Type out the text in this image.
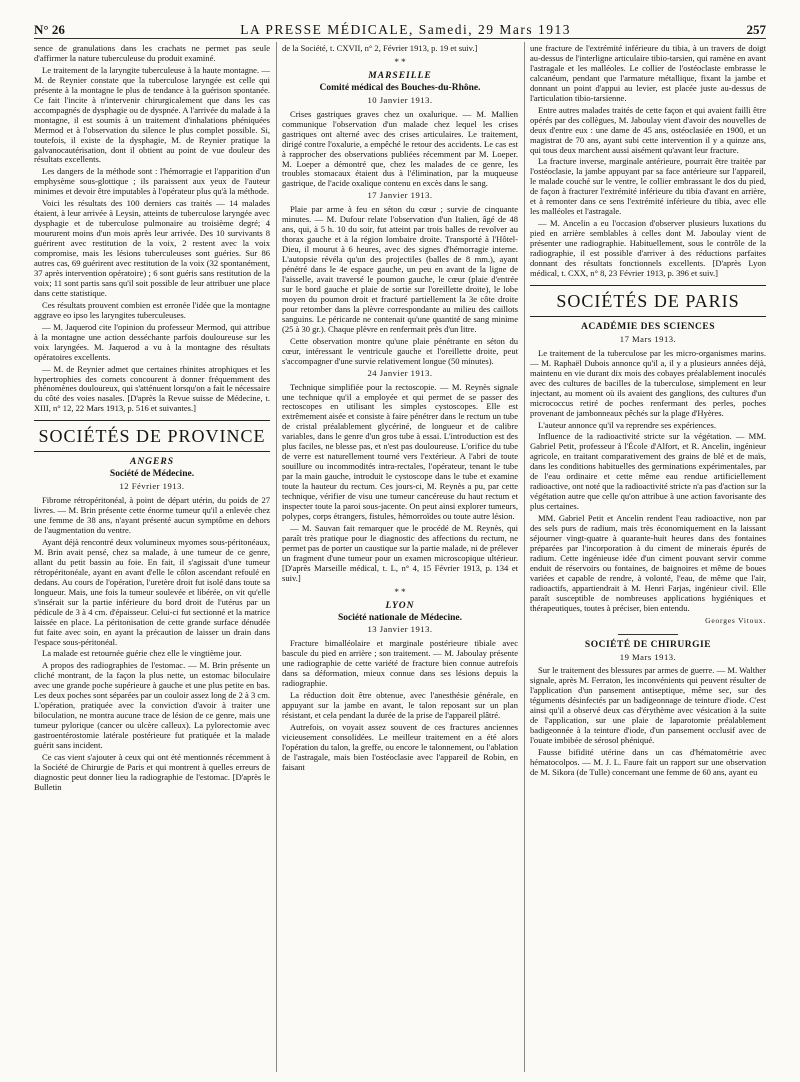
N° 26	LA PRESSE MÉDICALE, Samedi, 29 Mars 1913	257

sence de granulations dans les crachats ne permet pas seule d'affirmer la nature tuberculeuse du produit examiné.

Le traitement de la laryngite tuberculeuse à la haute montagne. — M. de Reynier constate que la tuberculose laryngée est celle qui présente à la montagne le plus de tendance à la guérison spontanée. Ce fait l'incite à n'intervenir chirurgicalement que dans les cas accompagnés de dysphagie ou de dyspnée. A l'arrivée du malade à la montagne, il est soumis à un traitement d'inhalations phéniquées Mermod et à l'observation du silence le plus complet possible. Si, toutefois, il existe de la dysphagie, M. de Reynier pratique la galvanocautérisation, dont il obtient au point de vue douleur des résultats excellents.

Les dangers de la méthode sont : l'hémorragie et l'apparition d'un emphysème sous-glottique ; ils paraissent aux yeux de l'auteur minimes et devoir être imputables à l'opérateur plus qu'à la méthode.

Voici les résultats des 100 derniers cas traités — 14 malades étaient, à leur arrivée à Leysin, atteints de tuberculose laryngée avec dysphagie et de tuberculose pulmonaire au troisième degré; 4 moururent moins d'un mois après leur arrivée. Des 10 survivants 8 guérirent avec restitution de la voix, 2 restent avec la voix compromise, mais les lésions tuberculeuses sont guéries. Sur 86 autres cas, 69 guérirent avec restitution de la voix (32 spontanément, 37 après intervention opératoire) ; 6 sont guéris sans restitution de la voix; 11 sont partis sans qu'il soit possible de leur attribuer une place dans cette statistique.

Ces résultats prouvent combien est erronée l'idée que la montagne aggrave eo ipso les laryngites tuberculeuses.

— M. Jaquerod cite l'opinion du professeur Mermod, qui attribue à la montagne une action desséchante parfois douloureuse sur les voix laryngées. M. Jaquerod a vu à la montagne des résultats opératoires excellents.

— M. de Reynier admet que certaines rhinites atrophiques et les hypertrophies des cornets concourent à donner fréquemment des phénomènes douloureux, qui s'atténuent lorsqu'on a fait le nécessaire du côté des voies nasales. [D'après la Revue suisse de Médecine, t. XIII, n° 12, 22 Mars 1913, p. 516 et suivantes.]

SOCIÉTÉS DE PROVINCE
ANGERS
Société de Médecine.
12 Février 1913.

Fibrome rétropéritonéal, à point de départ utérin, du poids de 27 livres. — M. Brin présente cette énorme tumeur qu'il a enlevée chez une femme de 38 ans, n'ayant présenté aucun symptôme en dehors de l'augmentation du ventre.

Ayant déjà rencontré deux volumineux myomes sous-péritonéaux, M. Brin avait pensé, chez sa malade, à une tumeur de ce genre, allant du petit bassin au foie. En fait, il s'agissait d'une tumeur rétropéritonéale, ayant en avant d'elle le côlon ascendant refoulé en dedans. Au cours de l'opération, l'uretère droit fut isolé dans toute sa longueur. Mais, une fois la tumeur soulevée et libérée, on vit qu'elle s'insérait sur la partie inférieure du bord droit de l'utérus par un pédicule de 3 à 4 cm. d'épaisseur. Celui-ci fut sectionné et la matrice laissée en place. La péritonisation de cette grande surface dénudée fut faite avec soin, en ayant la précaution de laisser un drain dans l'espace sous-péritonéal.

La malade est retournée guérie chez elle le vingtième jour.

A propos des radiographies de l'estomac. — M. Brin présente un cliché montrant, de la façon la plus nette, un estomac biloculaire avec une grande poche supérieure à gauche et une plus petite en bas. Les deux poches sont séparées par un couloir assez long de 2 à 3 cm. L'opération, pratiquée avec la conviction d'avoir à traiter une biloculation, ne montra aucune trace de lésion de ce genre, mais une tumeur pylorique (cancer ou ulcère calleux). La pylorectomie avec gastroentérostomie latérale postérieure fut pratiquée et la malade guérit sans incident.

Ce cas vient s'ajouter à ceux qui ont été mentionnés récemment à la Société de Chirurgie de Paris et qui montrent à quelles erreurs de diagnostic peut donner lieu la radiographie de l'estomac. [D'après le Bulletin

de la Société, t. CXVII, n° 2, Février 1913, p. 19 et suiv.]

* *
MARSEILLE
Comité médical des Bouches-du-Rhône.
10 Janvier 1913.

Crises gastriques graves chez un oxalurique. — M. Mallien communique l'observation d'un malade chez lequel les crises gastriques ont alterné avec des crises articulaires. Le traitement, dirigé contre l'oxalurie, a empêché le retour des accidents. Le cas est à rapprocher des observations publiées récemment par M. Loeper. M. Loeper a démontré que, chez les malades de ce genre, les troubles stomacaux étaient dus à l'élimination, par la muqueuse gastrique, de l'acide oxalique contenu en excès dans le sang.

17 Janvier 1913.

Plaie par arme à feu en séton du cœur ; survie de cinquante minutes. — M. Dufour relate l'observation d'un Italien, âgé de 48 ans, qui, à 5 h. 10 du soir, fut atteint par trois balles de revolver au thorax gauche et à la région lombaire droite. Transporté à l'Hôtel-Dieu, il mourut à 6 heures, avec des signes d'hémorragie interne. L'autopsie révéla qu'un des projectiles (balles de 8 mm.), ayant pénétré dans le 4e espace gauche, un peu en avant de la ligne de l'aisselle, avait traversé le poumon gauche, le cœur (plaie d'entrée sur le bord gauche et plaie de sortie sur l'oreillette droite), le lobe moyen du poumon droit et fracturé partiellement la 3e côte droite pour retomber dans la plèvre correspondante au milieu des caillots sanguins. Le péricarde ne contenait qu'une quantité de sang minime (25 à 30 gr.). Chaque plèvre en renfermait près d'un litre.

Cette observation montre qu'une plaie pénétrante en séton du cœur, intéressant le ventricule gauche et l'oreillette droite, peut s'accompagner d'une survie relativement longue (50 minutes).

24 Janvier 1913.

Technique simplifiée pour la rectoscopie. — M. Reynès signale une technique qu'il a employée et qui permet de se passer des rectoscopes en utilisant les simples cystoscopes. Elle est extrêmement aisée et consiste à faire pénétrer dans le rectum un tube de cristal préalablement glycériné, de longueur et de calibre variables, dans le genre d'un gros tube à essai. L'introduction est des plus faciles, ne blesse pas, et n'est pas douloureuse. L'orifice du tube de verre est naturellement tourné vers l'extérieur. A l'abri de toute souillure ou incommodités intra-rectales, l'opérateur, tenant le tube par la main gauche, introduit le cystoscope dans le tube et examine toute la hauteur du rectum. Ces jours-ci, M. Reynès a pu, par cette technique, vérifier de visu une tumeur cancéreuse du haut rectum et inspecter toute la paroi sous-jacente. On peut ainsi explorer tumeurs, polypes, corps étrangers, fistules, hémorroïdes ou toute autre lésion.

— M. Sauvan fait remarquer que le procédé de M. Reynès, qui paraît très pratique pour le diagnostic des affections du rectum, ne permet pas de porter un caustique sur la partie malade, ni de prélever un fragment d'une tumeur pour un examen microscopique ultérieur. [D'après Marseille médical, t. L, n° 4, 15 Février 1913, p. 134 et suiv.]

* *
LYON
Société nationale de Médecine.
13 Janvier 1913.

Fracture bimalléolaire et marginale postérieure tibiale avec bascule du pied en arrière ; son traitement. — M. Jaboulay présente une radiographie de cette variété de fracture bien connue autrefois dans sa déformation, mieux connue dans ses lésions depuis la radiographie.

La réduction doit être obtenue, avec l'anesthésie générale, en appuyant sur la jambe en avant, le talon reposant sur un plan résistant, et cela pendant la durée de la prise de l'appareil plâtré.

Autrefois, on voyait assez souvent de ces fractures anciennes vicieusement consolidées. Le meilleur traitement en a été alors l'opération du talon, la greffe, ou encore le talonnement, ou l'ablation de l'astragale, mais bien l'ostéoclasie avec l'appareil de Robin, en faisant

une fracture de l'extrémité inférieure du tibia, à un travers de doigt au-dessus de l'interligne articulaire tibio-tarsien, qui ramène en avant l'astragale et les malléoles. Le collier de l'ostéoclaste embrasse le calcanéum, pendant que l'armature métallique, fixant la jambe et donnant un point d'appui au levier, est placée juste au-dessus de l'articulation tibio-tarsienne.

Entre autres malades traités de cette façon et qui avaient failli être opérés par des collègues, M. Jaboulay vient d'avoir des nouvelles de deux d'entre eux : une dame de 45 ans, ostéoclasiée en 1900, et un magistrat de 70 ans, ayant subi cette intervention il y a quinze ans, qui tous deux marchent aussi aisément qu'avant leur fracture.

La fracture inverse, marginale antérieure, pourrait être traitée par l'ostéoclasie, la jambe appuyant par sa face antérieure sur l'appareil, le malade couché sur le ventre, le collier embrassant le dos du pied, de façon à fracturer l'extrémité inférieure du tibia d'avant en arrière, et à remonter dans ce sens l'extrémité inférieure du tibia, avec elle les malléoles et l'astragale.

— M. Ancelin a eu l'occasion d'observer plusieurs luxations du pied en arrière semblables à celles dont M. Jaboulay vient de présenter une radiographie. Habituellement, sous le contrôle de la radiographie, il est possible d'arriver à des réductions parfaites donnant des résultats fonctionnels excellents. [D'après Lyon médical, t. CXX, n° 8, 23 Février 1913, p. 396 et suiv.]

SOCIÉTÉS DE PARIS
ACADÉMIE DES SCIENCES
17 Mars 1913.

Le traitement de la tuberculose par les micro-organismes marins. — M. Raphaël Dubois annonce qu'il a, il y a plusieurs années déjà, maintenu en vie durant dix mois des cobayes préalablement inoculés avec des cultures de bacilles de la tuberculose, simplement en leur injectant, au moment où ils avaient des ganglions, des cultures d'un micrococcus retiré de poches renfermant des perles, poches provenant de jambonneaux pêchés sur la plage d'Hyères.

L'auteur annonce qu'il va reprendre ses expériences.

Influence de la radioactivité stricte sur la végétation. — MM. Gabriel Petit, professeur à l'École d'Alfort, et R. Ancelin, ingénieur agricole, en traitant comparativement des grains de blé et de maïs, dans les conditions habituelles des germinations expérimentales, par de l'eau ordinaire et cette même eau rendue artificiellement radioactive, ont noté que la radioactivité stricte n'a pas d'action sur la végétation autre que celle qu'on attribue à une action favorisante des plus certaines.

MM. Gabriel Petit et Ancelin rendent l'eau radioactive, non par des sels purs de radium, mais très économiquement en la laissant séjourner vingt-quatre à quarante-huit heures dans des fontaines préparées par l'incorporation à du ciment de minerais épurés de radium. Cette ingénieuse idée d'un ciment pouvant servir comme enduit de réservoirs ou fontaines, de baignoires et même de boues variées et capable de rendre, à volonté, l'eau, de même que l'air, radioactifs, appartiendrait à M. Henri Farjas, ingénieur civil. Elle paraît susceptible de nombreuses applications hygiéniques et thérapeutiques, toutes à préciser, bien entendu.

Georges Vitoux.
SOCIÉTÉ DE CHIRURGIE
19 Mars 1913.

Sur le traitement des blessures par armes de guerre. — M. Walther signale, après M. Ferraton, les inconvénients qui peuvent résulter de l'application d'un pansement antiseptique, même sec, sur des téguments désinfectés par un badigeonnage de teinture d'iode. C'est ainsi qu'il a observé deux cas d'érythème avec vésication à la suite de l'application, sur une plaie de laparotomie préalablement badigeonnée à la teinture d'iode, d'un pansement occlusif avec de l'ouate imbibée de sérosol phéniqué.

Fausse bifidité utérine dans un cas d'hématométrie avec hématocolpos. — M. J. L. Faure fait un rapport sur une observation de M. Sikora (de Tulle) concernant une femme de 60 ans, ayant eu
